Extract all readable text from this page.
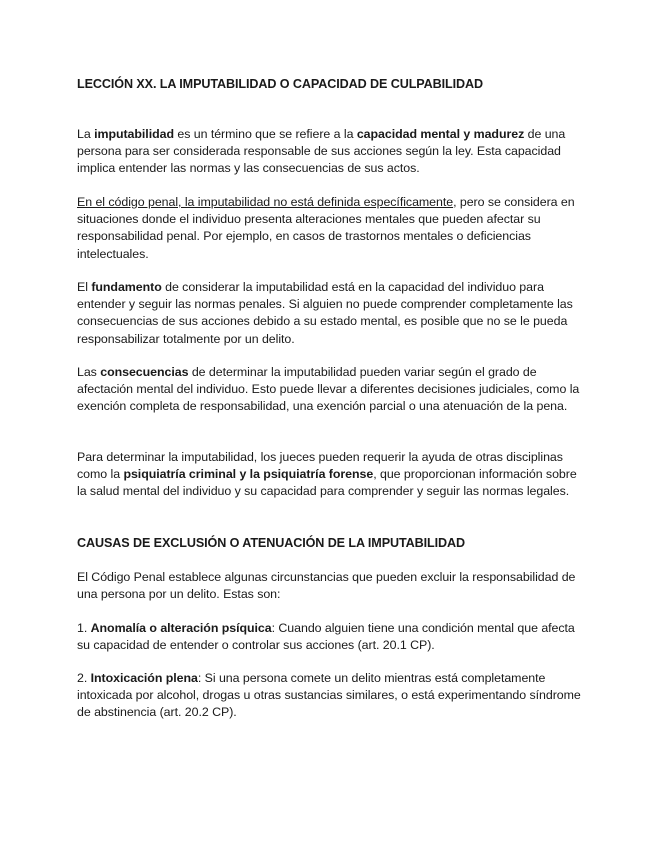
LECCIÓN XX. LA IMPUTABILIDAD O CAPACIDAD DE CULPABILIDAD
La imputabilidad es un término que se refiere a la capacidad mental y madurez de una persona para ser considerada responsable de sus acciones según la ley. Esta capacidad implica entender las normas y las consecuencias de sus actos.
En el código penal, la imputabilidad no está definida específicamente, pero se considera en situaciones donde el individuo presenta alteraciones mentales que pueden afectar su responsabilidad penal. Por ejemplo, en casos de trastornos mentales o deficiencias intelectuales.
El fundamento de considerar la imputabilidad está en la capacidad del individuo para entender y seguir las normas penales. Si alguien no puede comprender completamente las consecuencias de sus acciones debido a su estado mental, es posible que no se le pueda responsabilizar totalmente por un delito.
Las consecuencias de determinar la imputabilidad pueden variar según el grado de afectación mental del individuo. Esto puede llevar a diferentes decisiones judiciales, como la exención completa de responsabilidad, una exención parcial o una atenuación de la pena.
Para determinar la imputabilidad, los jueces pueden requerir la ayuda de otras disciplinas como la psiquiatría criminal y la psiquiatría forense, que proporcionan información sobre la salud mental del individuo y su capacidad para comprender y seguir las normas legales.
CAUSAS DE EXCLUSIÓN O ATENUACIÓN DE LA IMPUTABILIDAD
El Código Penal establece algunas circunstancias que pueden excluir la responsabilidad de una persona por un delito. Estas son:
1. Anomalía o alteración psíquica: Cuando alguien tiene una condición mental que afecta su capacidad de entender o controlar sus acciones (art. 20.1 CP).
2. Intoxicación plena: Si una persona comete un delito mientras está completamente intoxicada por alcohol, drogas u otras sustancias similares, o está experimentando síndrome de abstinencia (art. 20.2 CP).
